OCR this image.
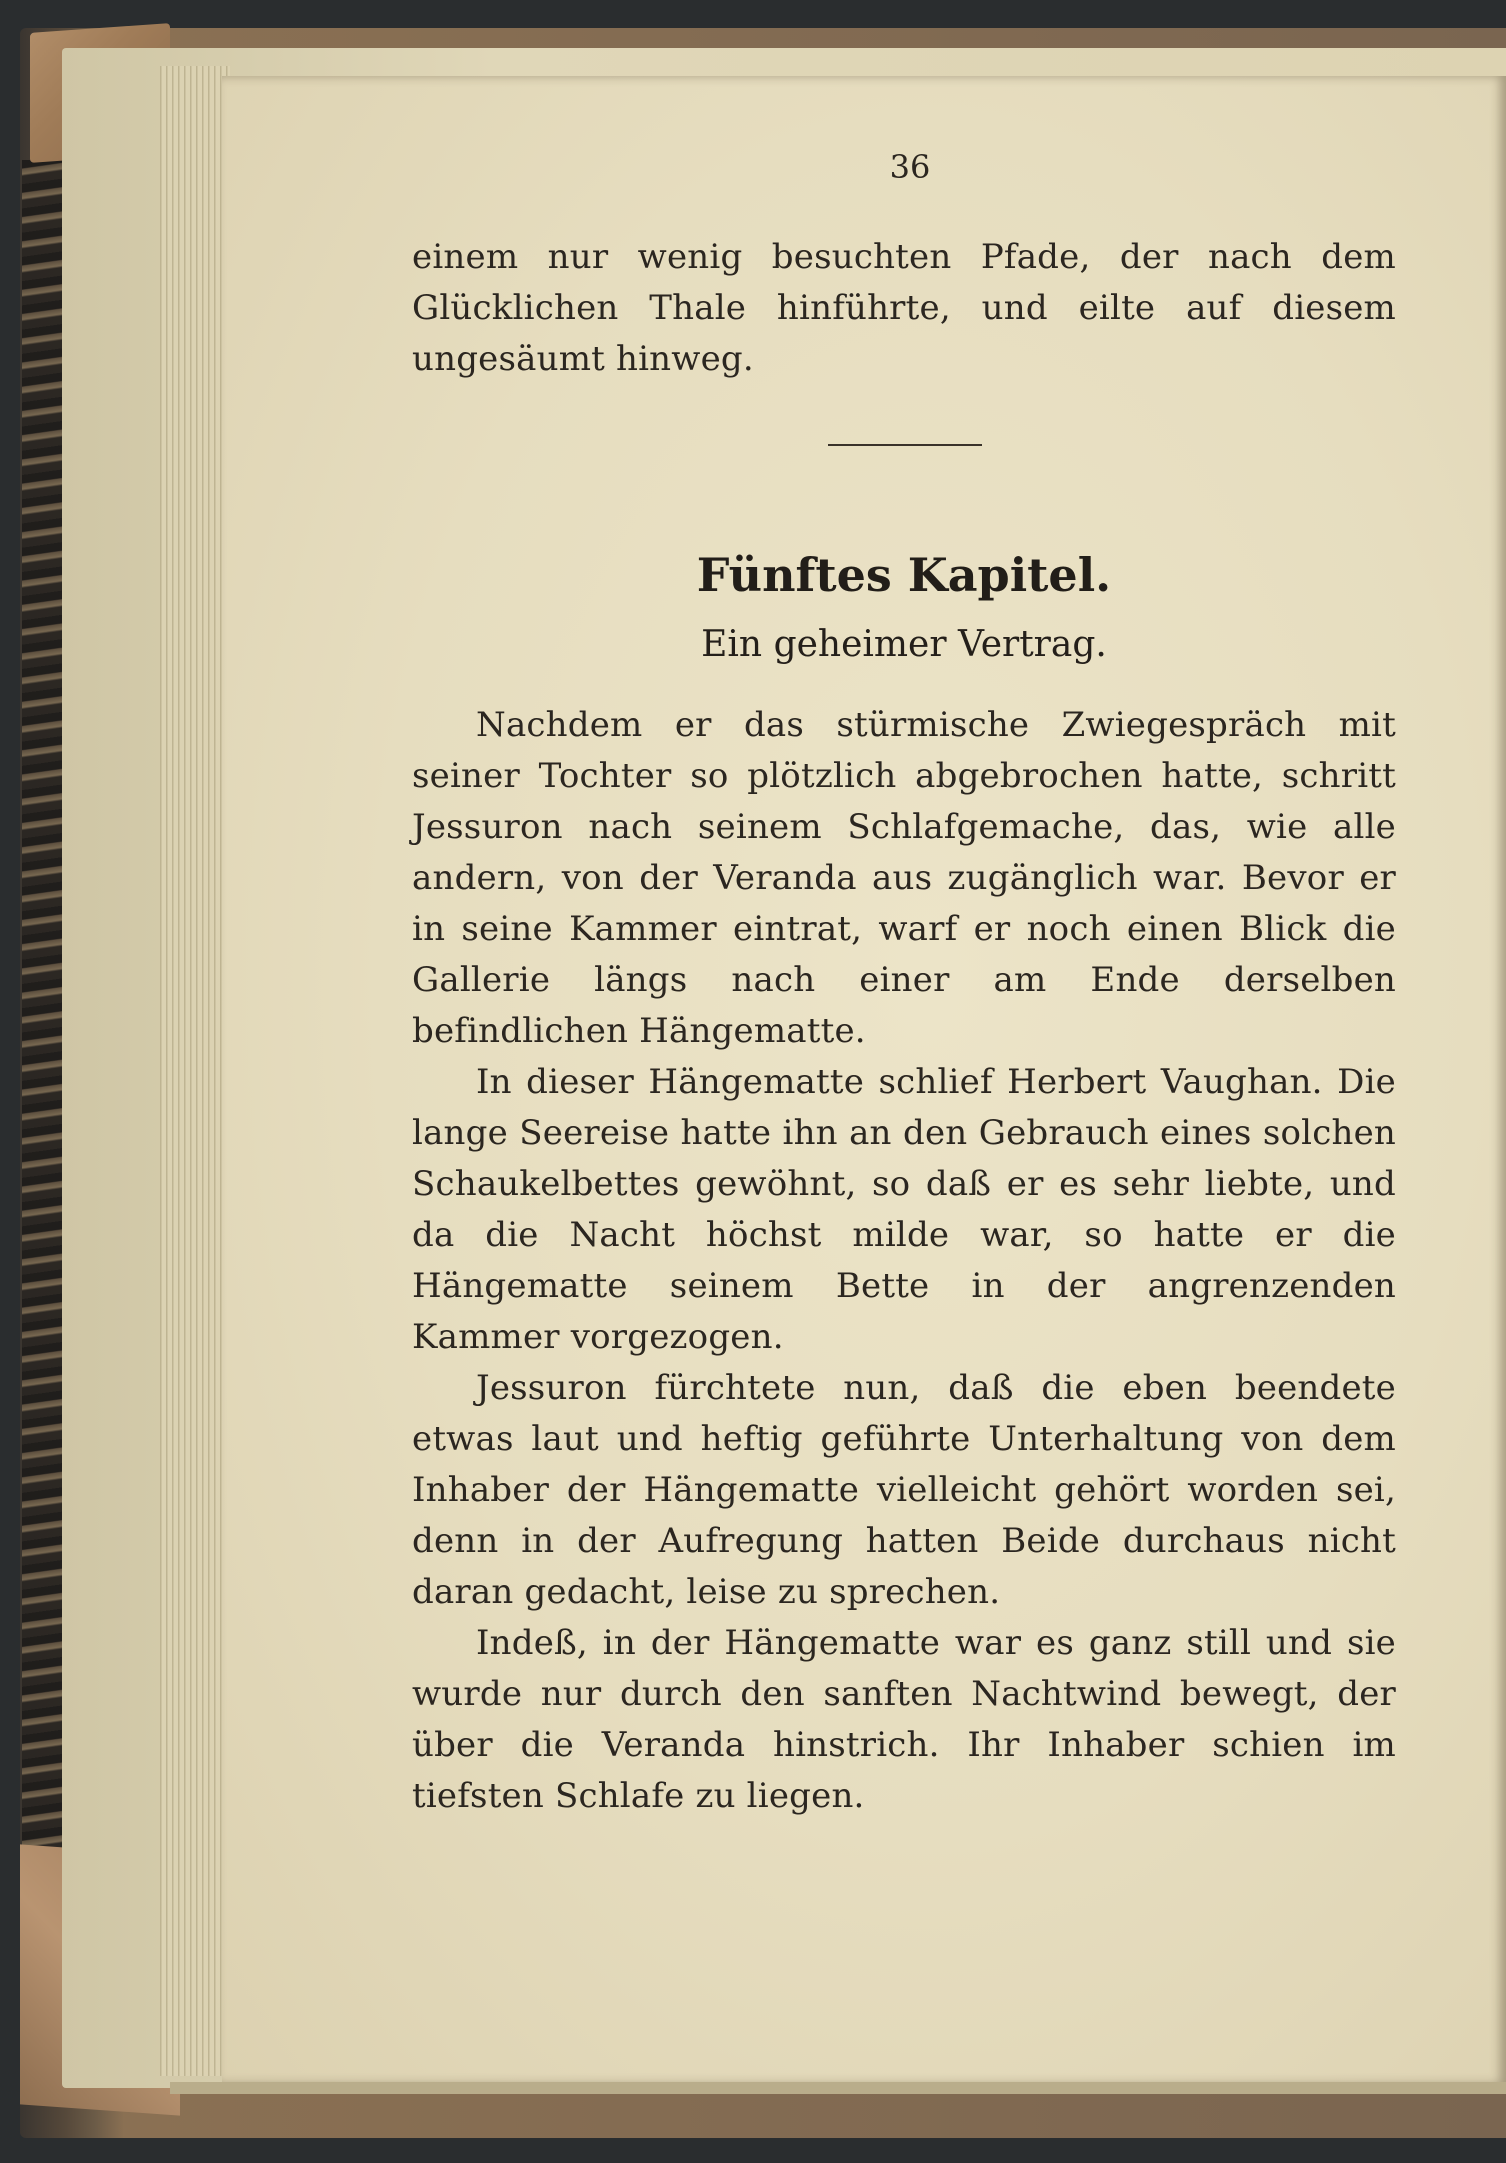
36

einem nur wenig besuchten Pfade, der nach dem Glücklichen Thale hinführte, und eilte auf diesem ungesäumt hinweg.

Fünftes Kapitel.
Ein geheimer Vertrag.

Nachdem er das stürmische Zwiegespräch mit seiner Tochter so plötzlich abgebrochen hatte, schritt Jessuron nach seinem Schlafgemache, das, wie alle andern, von der Veranda aus zugänglich war. Bevor er in seine Kammer eintrat, warf er noch einen Blick die Gallerie längs nach einer am Ende derselben befindlichen Hängematte.

In dieser Hängematte schlief Herbert Vaughan. Die lange Seereise hatte ihn an den Gebrauch eines solchen Schaukelbettes gewöhnt, so daß er es sehr liebte, und da die Nacht höchst milde war, so hatte er die Hängematte seinem Bette in der angrenzenden Kammer vorgezogen.

Jessuron fürchtete nun, daß die eben beendete etwas laut und heftig geführte Unterhaltung von dem Inhaber der Hängematte vielleicht gehört worden sei, denn in der Aufregung hatten Beide durchaus nicht daran gedacht, leise zu sprechen.

Indeß, in der Hängematte war es ganz still und sie wurde nur durch den sanften Nachtwind bewegt, der über die Veranda hinstrich. Ihr Inhaber schien im tiefsten Schlafe zu liegen.
